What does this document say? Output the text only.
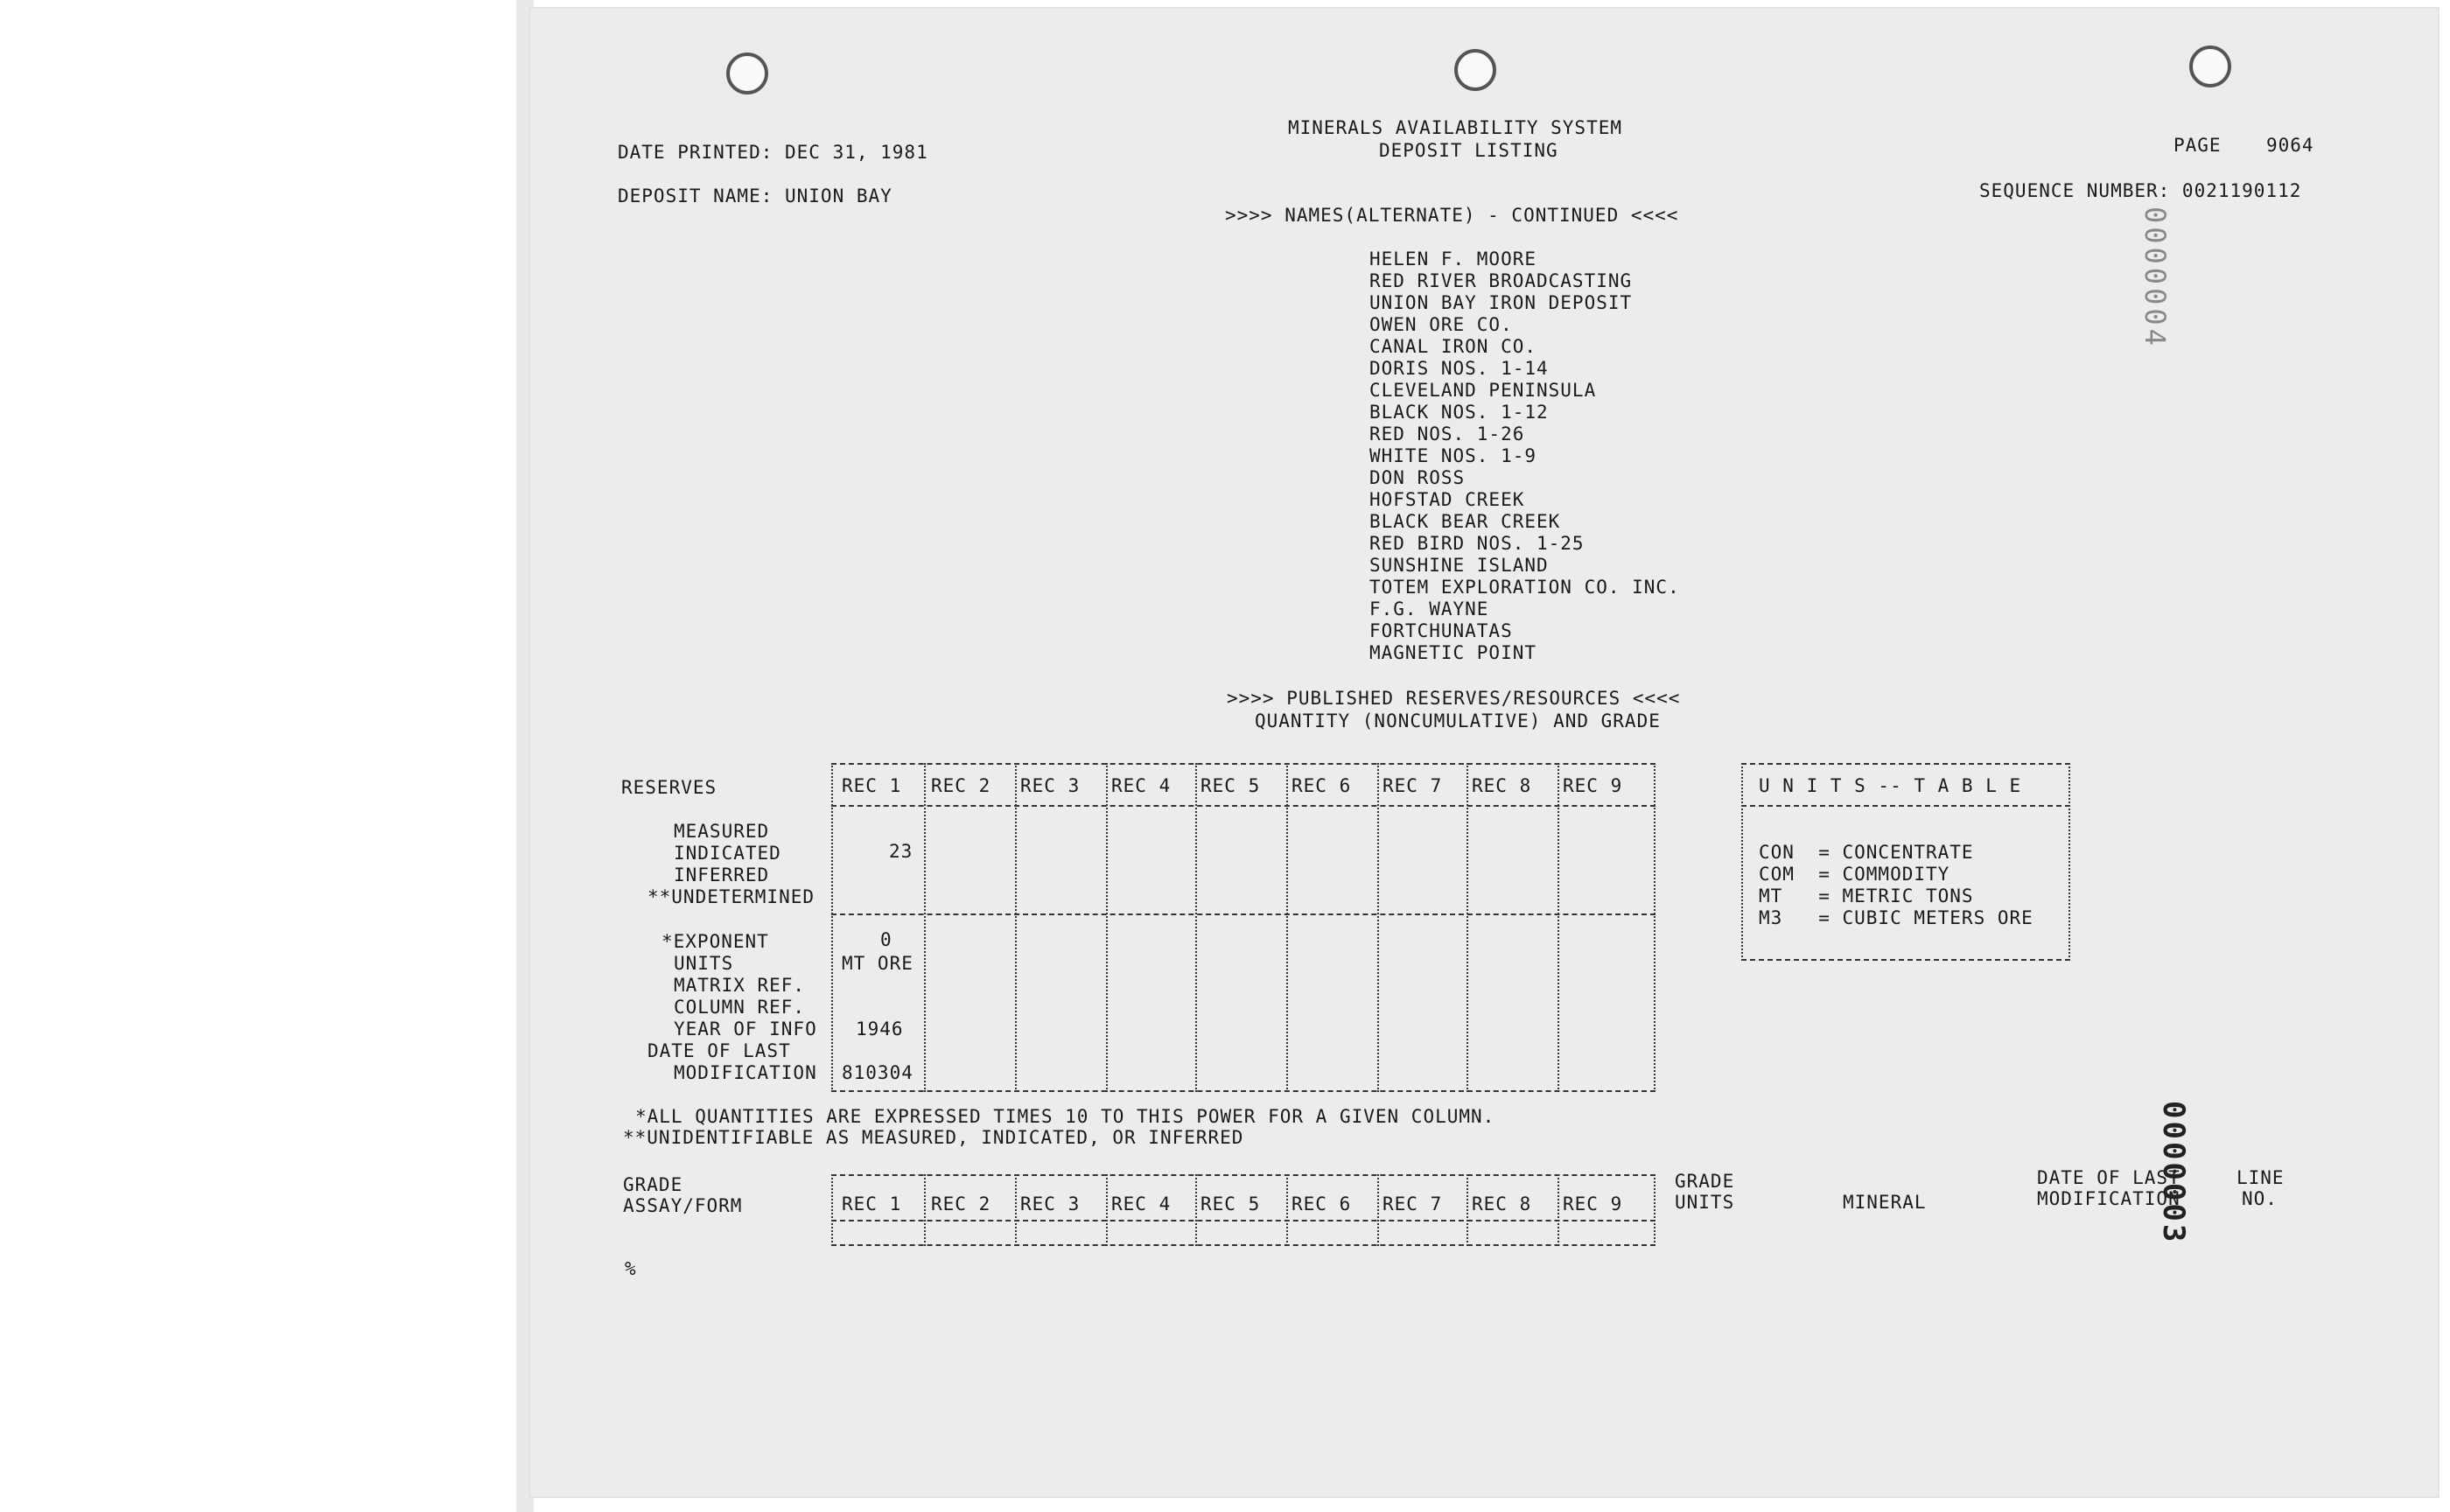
MINERALS AVAILABILITY SYSTEM
DEPOSIT LISTING
DATE PRINTED: DEC 31, 1981	PAGE 9064
DEPOSIT NAME: UNION BAY	SEQUENCE NUMBER: 0021190112
0000004
>>>> NAMES(ALTERNATE) - CONTINUED <<<<
HELEN F. MOORE
RED RIVER BROADCASTING
UNION BAY IRON DEPOSIT
OWEN ORE CO.
CANAL IRON CO.
DORIS NOS. 1-14
CLEVELAND PENINSULA
BLACK NOS. 1-12
RED NOS. 1-26
WHITE NOS. 1-9
DON ROSS
HOFSTAD CREEK
BLACK BEAR CREEK
RED BIRD NOS. 1-25
SUNSHINE ISLAND
TOTEM EXPLORATION CO. INC.
F.G. WAYNE
FORTCHUNATAS
MAGNETIC POINT
>>>> PUBLISHED RESERVES/RESOURCES <<<<
QUANTITY (NONCUMULATIVE) AND GRADE
RESERVES	REC 1 REC 2 REC 3 REC 4 REC 5 REC 6 REC 7 REC 8 REC 9
MEASURED
INDICATED	23
INFERRED
**UNDETERMINED
*EXPONENT	0
UNITS	MT ORE
MATRIX REF.
COLUMN REF.
YEAR OF INFO 1946
DATE OF LAST
MODIFICATION 810304
*ALL QUANTITIES ARE EXPRESSED TIMES 10 TO THIS POWER FOR A GIVEN COLUMN.
**UNIDENTIFIABLE AS MEASURED, INDICATED, OR INFERRED
U N I T S -- T A B L E
CON  = CONCENTRATE
COM  = COMMODITY
MT   = METRIC TONS
M3   = CUBIC METERS ORE
GRADE
ASSAY/FORM	REC 1 REC 2 REC 3 REC 4 REC 5 REC 6 REC 7 REC 8 REC 9
GRADE
UNITS	MINERAL
DATE OF LAST
MODIFICATION
LINE
NO.
%
0000003
